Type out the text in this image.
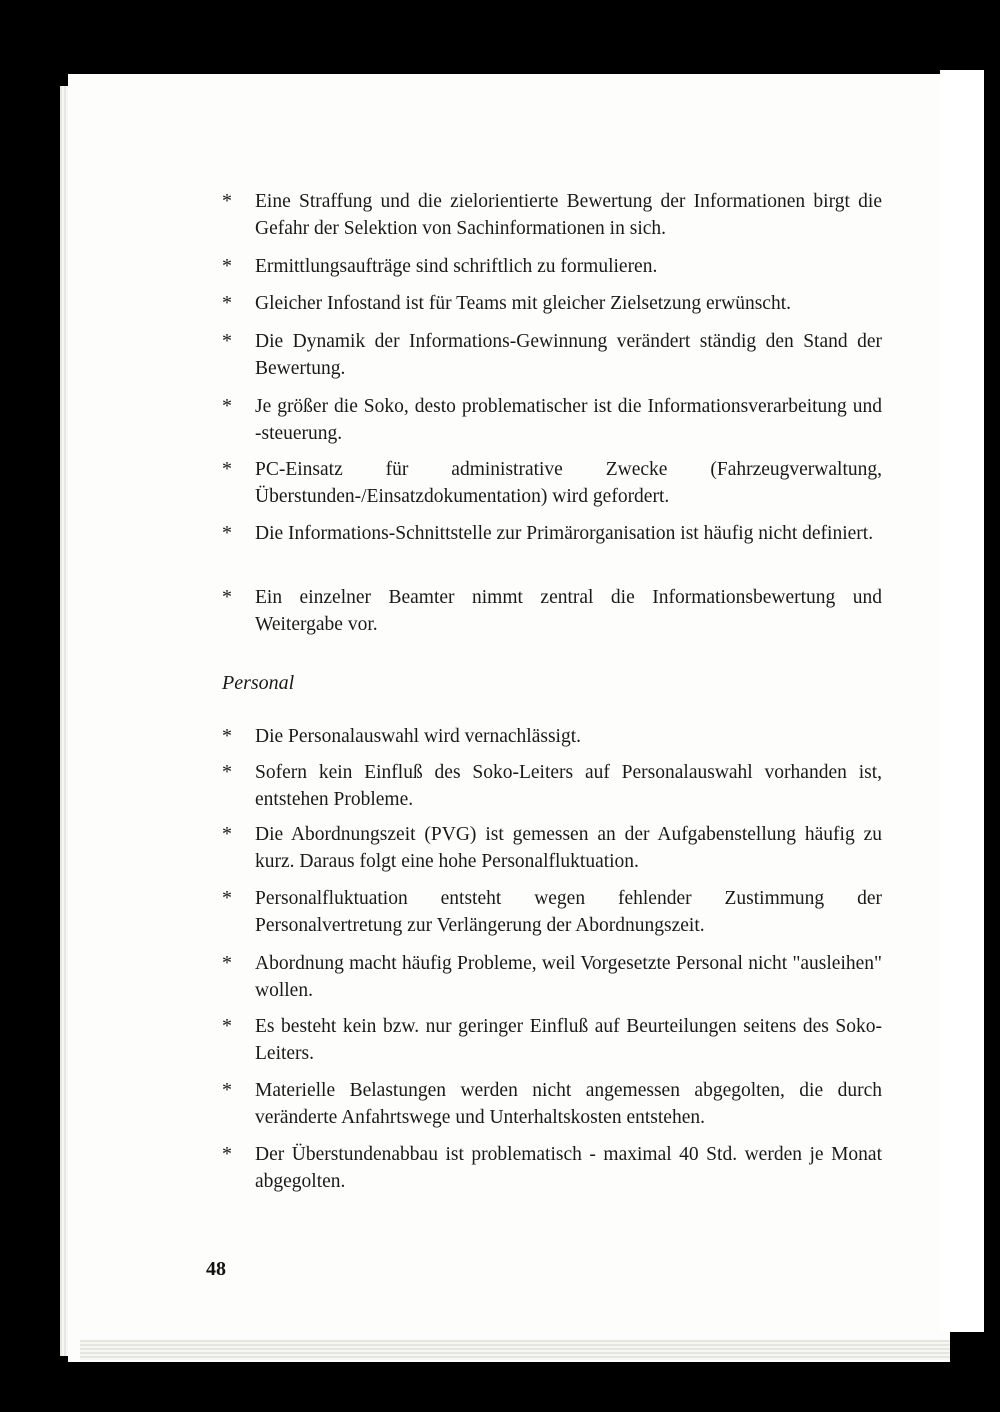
*	Eine Straffung und die zielorientierte Bewertung der Informationen birgt die Gefahr der Selektion von Sachinformationen in sich.
*	Ermittlungsaufträge sind schriftlich zu formulieren.
*	Gleicher Infostand ist für Teams mit gleicher Zielsetzung erwünscht.
*	Die Dynamik der Informations-Gewinnung verändert ständig den Stand der Bewertung.
*	Je größer die Soko, desto problematischer ist die Informationsverarbeitung und -steuerung.
*	PC-Einsatz für administrative Zwecke (Fahrzeugverwaltung, Überstunden-/Einsatzdokumentation) wird gefordert.
*	Die Informations-Schnittstelle zur Primärorganisation ist häufig nicht definiert.
*	Ein einzelner Beamter nimmt zentral die Informationsbewertung und Weitergabe vor.
Personal
*	Die Personalauswahl wird vernachlässigt.
*	Sofern kein Einfluß des Soko-Leiters auf Personalauswahl vorhanden ist, entstehen Probleme.
*	Die Abordnungszeit (PVG) ist gemessen an der Aufgabenstellung häufig zu kurz. Daraus folgt eine hohe Personalfluktuation.
*	Personalfluktuation entsteht wegen fehlender Zustimmung der Personalvertretung zur Verlängerung der Abordnungszeit.
*	Abordnung macht häufig Probleme, weil Vorgesetzte Personal nicht "ausleihen" wollen.
*	Es besteht kein bzw. nur geringer Einfluß auf Beurteilungen seitens des Soko-Leiters.
*	Materielle Belastungen werden nicht angemessen abgegolten, die durch veränderte Anfahrtswege und Unterhaltskosten entstehen.
*	Der Überstundenabbau ist problematisch - maximal 40 Std. werden je Monat abgegolten.
48
